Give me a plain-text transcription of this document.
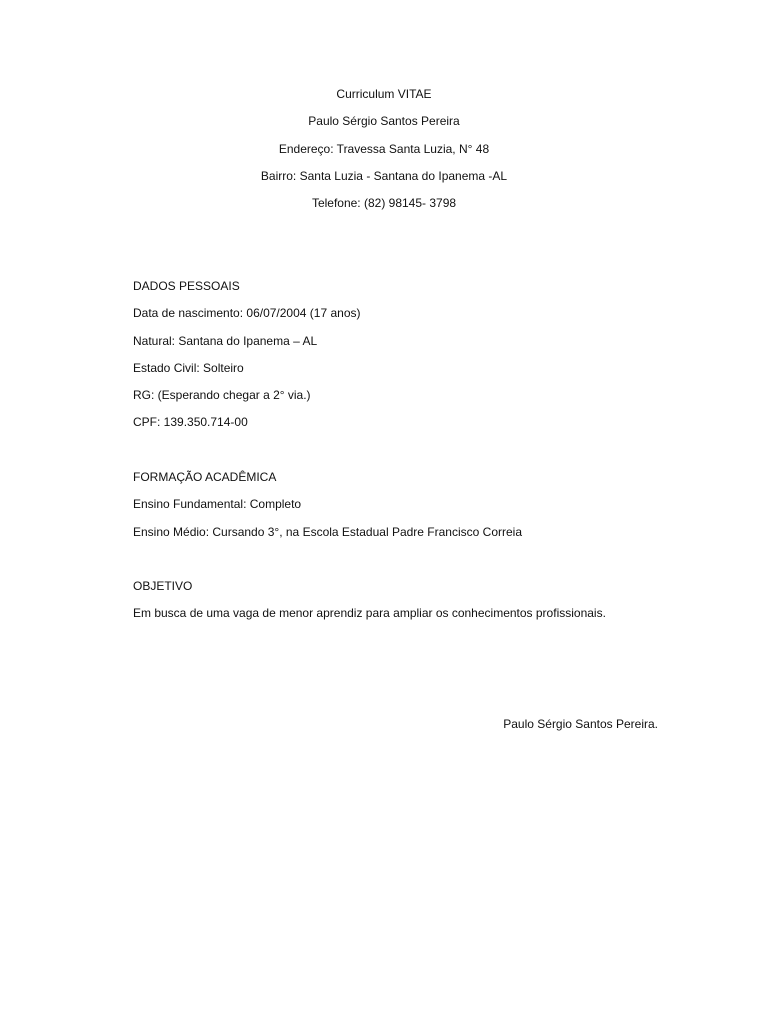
Curriculum VITAE
Paulo Sérgio Santos Pereira
Endereço: Travessa Santa Luzia, N° 48
Bairro: Santa Luzia - Santana do Ipanema -AL
Telefone: (82) 98145- 3798
DADOS PESSOAIS
Data de nascimento: 06/07/2004 (17 anos)
Natural: Santana do Ipanema – AL
Estado Civil: Solteiro
RG: (Esperando chegar a 2° via.)
CPF: 139.350.714-00
FORMAÇÃO ACADÊMICA
Ensino Fundamental: Completo
Ensino Médio: Cursando 3°, na Escola Estadual Padre Francisco Correia
OBJETIVO
Em busca de uma vaga de menor aprendiz para ampliar os conhecimentos profissionais.
Paulo Sérgio Santos Pereira.
